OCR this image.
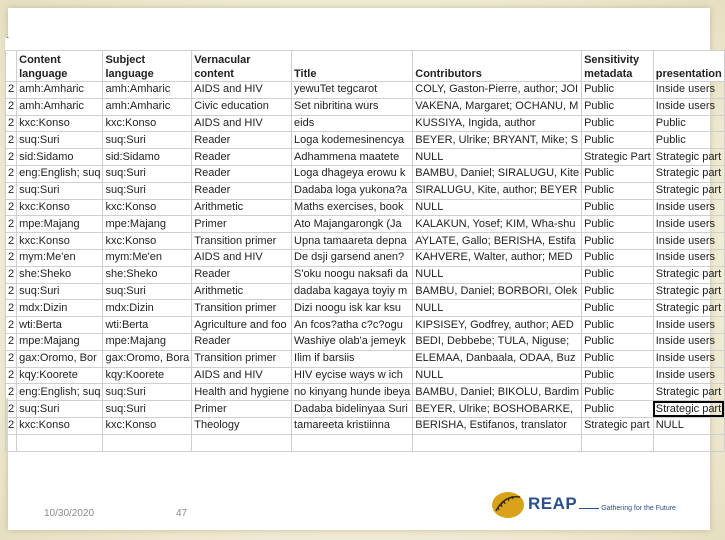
	Content language	Subject language	Vernacular content	Title	Contributors	Sensitivity metadata	presentation
2	amh:Amharic	amh:Amharic	AIDS and HIV	yewuTet tegcarot	COLY, Gaston-Pierre, author; JOI	Public	Inside users
2	amh:Amharic	amh:Amharic	Civic education	Set nibritina wurs	VAKENA, Margaret; OCHANU, M	Public	Inside users
2	kxc:Konso	kxc:Konso	AIDS and HIV	eids	KUSSIYA, Ingida, author	Public	Public
2	suq:Suri	suq:Suri	Reader	Loga kodemesinencya	BEYER, Ulrike; BRYANT, Mike; S	Public	Public
2	sid:Sidamo	sid:Sidamo	Reader	Adhammena maatete	NULL	Strategic Part	Strategic part
2	eng:English; suq	suq:Suri	Reader	Loga dhageya erowu k	BAMBU, Daniel; SIRALUGU, Kite	Public	Strategic part
2	suq:Suri	suq:Suri	Reader	Dadaba loga yukona?a	SIRALUGU, Kite, author; BEYER	Public	Strategic part
2	kxc:Konso	kxc:Konso	Arithmetic	Maths exercises, book	NULL	Public	Inside users
2	mpe:Majang	mpe:Majang	Primer	Ato Majangarongk (Ja	KALAKUN, Yosef; KIM, Wha-shu	Public	Inside users
2	kxc:Konso	kxc:Konso	Transition primer	Upna tamaareta depna	AYLATE, Gallo; BERISHA, Estifa	Public	Inside users
2	mym:Me'en	mym:Me'en	AIDS and HIV	De dsji garsend anen?	KAHVERE, Walter, author; MED	Public	Inside users
2	she:Sheko	she:Sheko	Reader	S'oku noogu naksafi da	NULL	Public	Strategic part
2	suq:Suri	suq:Suri	Arithmetic	dadaba kagaya toyiy m	BAMBU, Daniel; BORBORI, Olek	Public	Strategic part
2	mdx:Dizin	mdx:Dizin	Transition primer	Dizi noogu isk kar ksu	NULL	Public	Strategic part
2	wti:Berta	wti:Berta	Agriculture and foo	An fcos?atha c?c?ogu	KIPSISEY, Godfrey, author; AED	Public	Inside users
2	mpe:Majang	mpe:Majang	Reader	Washiye olab'a jemeyk	BEDI, Debbebe; TULA, Niguse;	Public	Inside users
2	gax:Oromo, Bor	gax:Oromo, Bora	Transition primer	Ilim if barsiis	ELEMAA, Danbaala, ODAA, Buz	Public	Inside users
2	kqy:Koorete	kqy:Koorete	AIDS and HIV	HIV eycise ways w ich	NULL	Public	Inside users
2	eng:English; suq	suq:Suri	Health and hygiene	no kinyang hunde ibeya	BAMBU, Daniel; BIKOLU, Bardim	Public	Strategic part
2	suq:Suri	suq:Suri	Primer	Dadaba bidelinyaa Suri	BEYER, Ulrike; BOSHOBARKE,	Public	Strategic part
2	kxc:Konso	kxc:Konso	Theology	tamareeta kristiinna	BERISHA, Estifanos, translator	Strategic part	NULL

10/30/2020	47
REAP	Gathering for the Future
